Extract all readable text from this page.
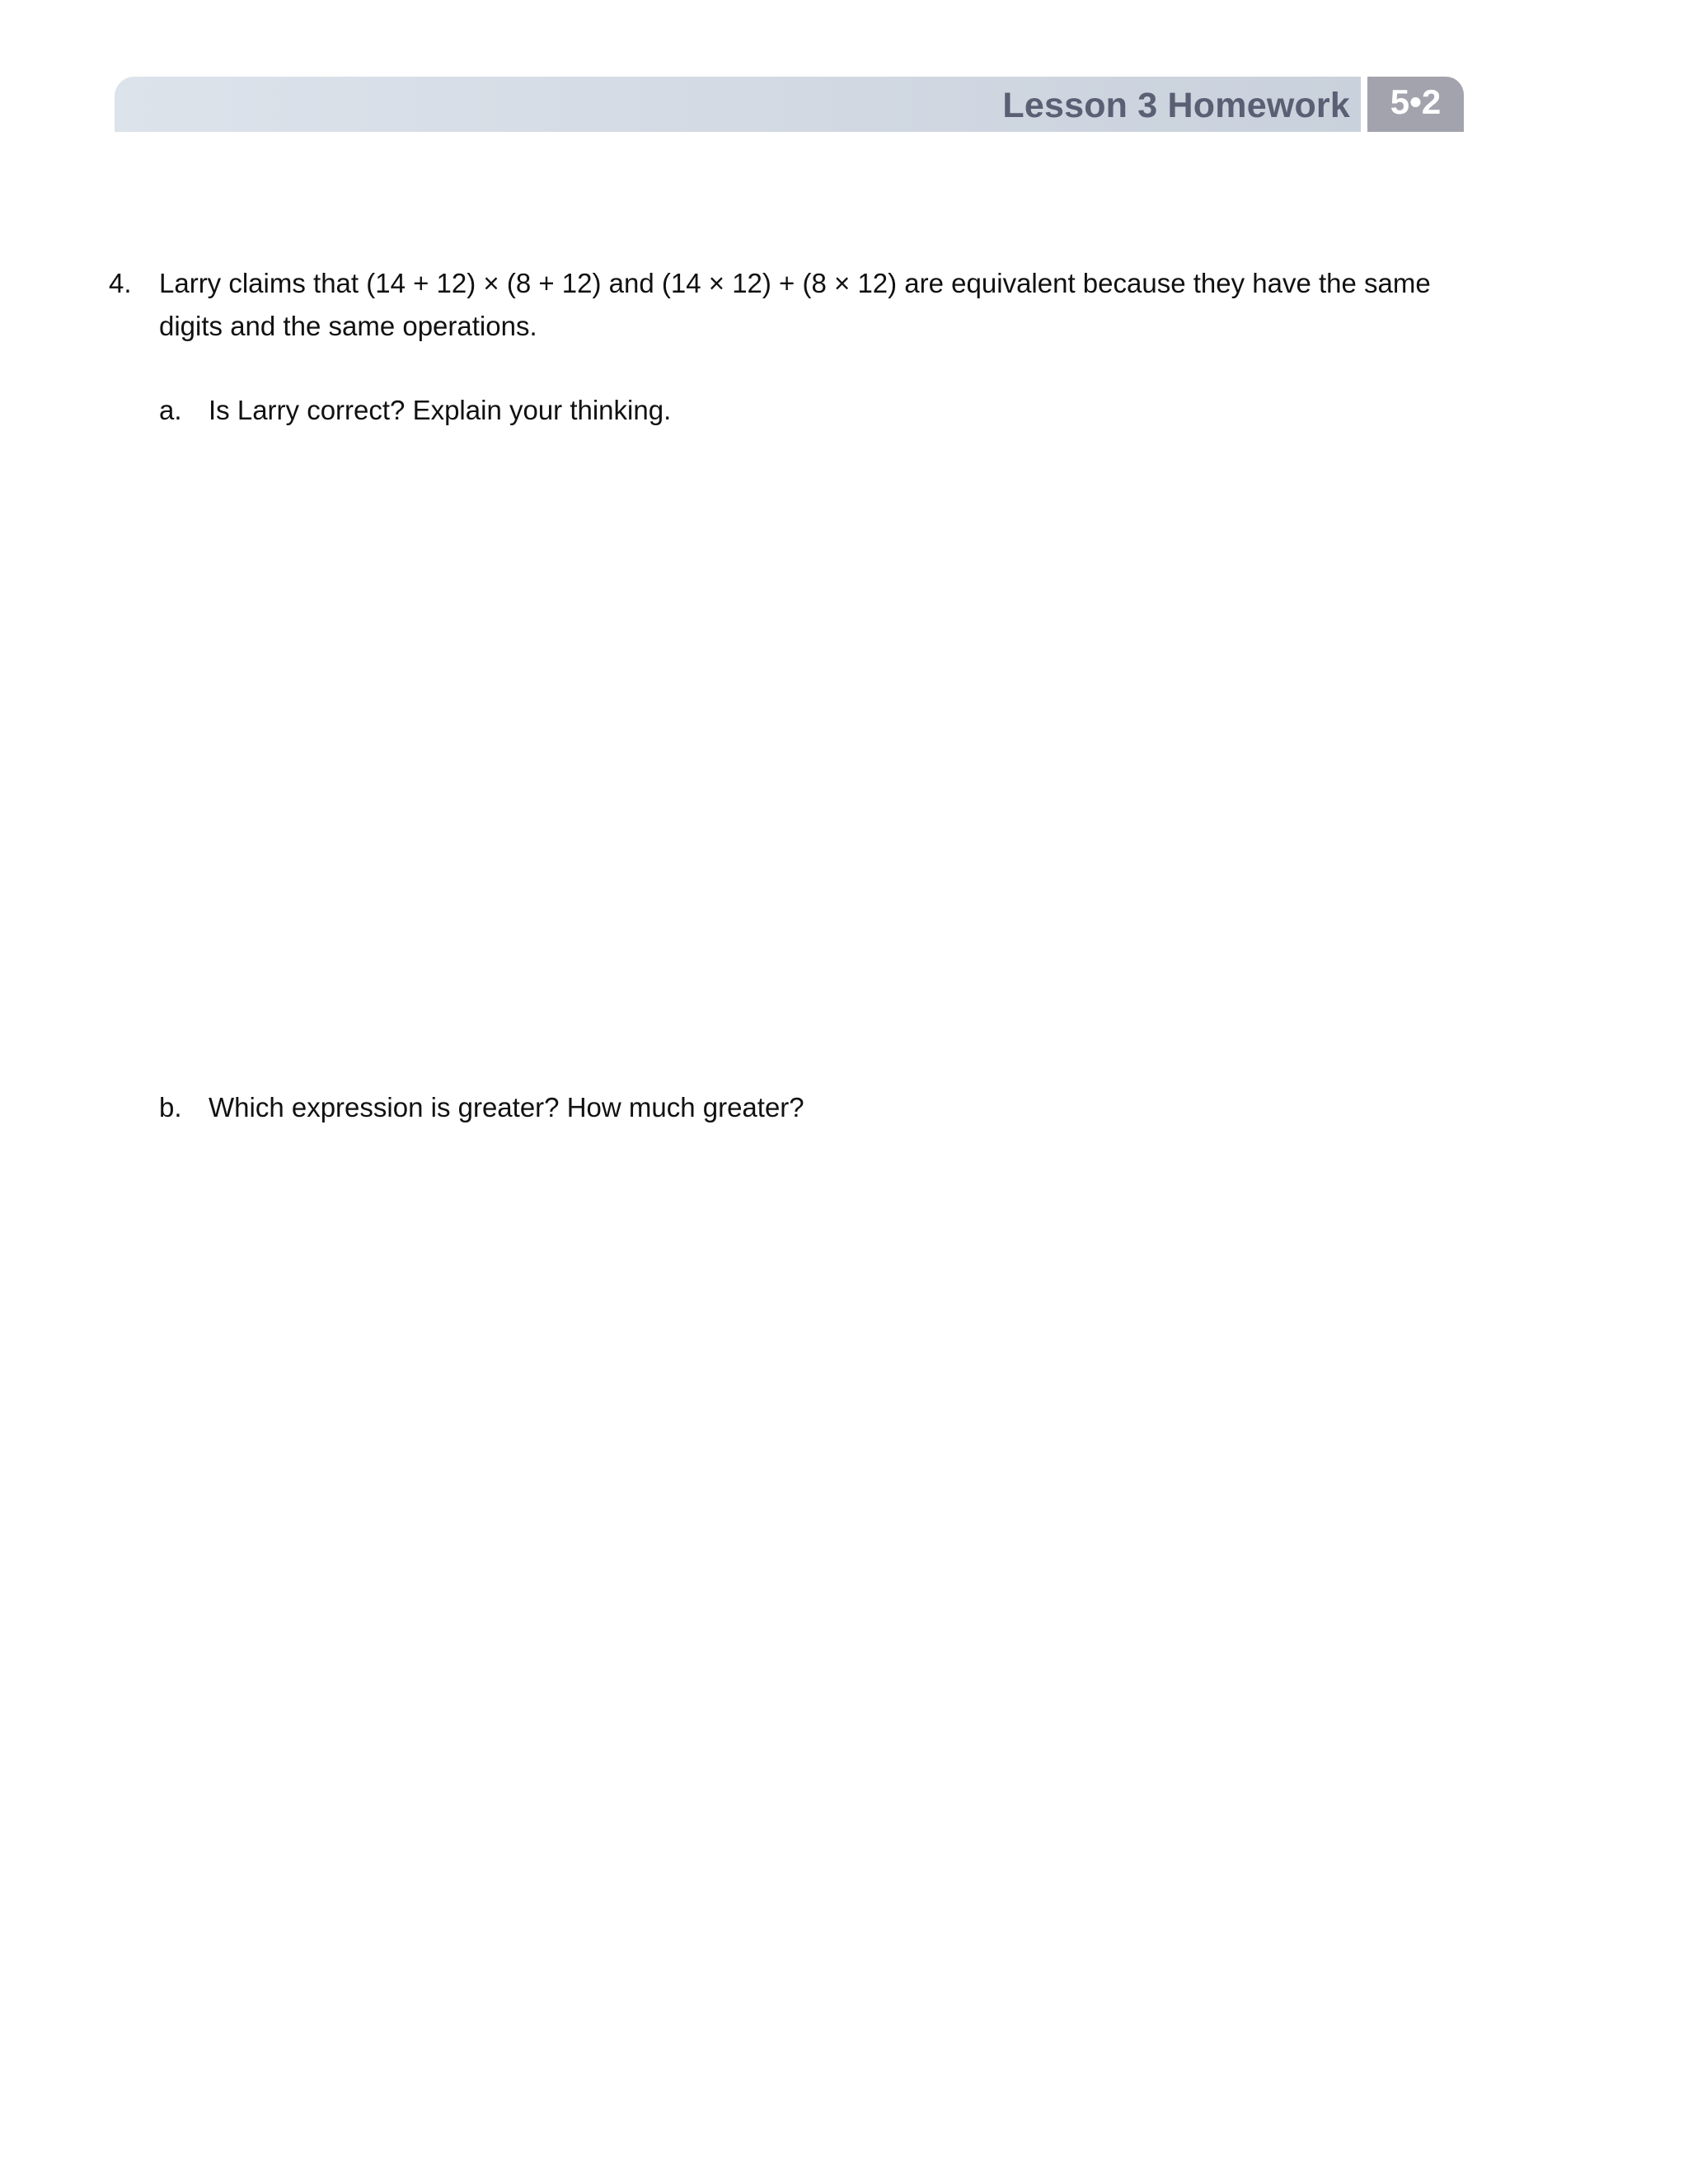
Lesson 3 Homework	5•2
4. Larry claims that (14 + 12) × (8 + 12) and (14 × 12) + (8 × 12) are equivalent because they have the same digits and the same operations.
a. Is Larry correct? Explain your thinking.
b. Which expression is greater? How much greater?
